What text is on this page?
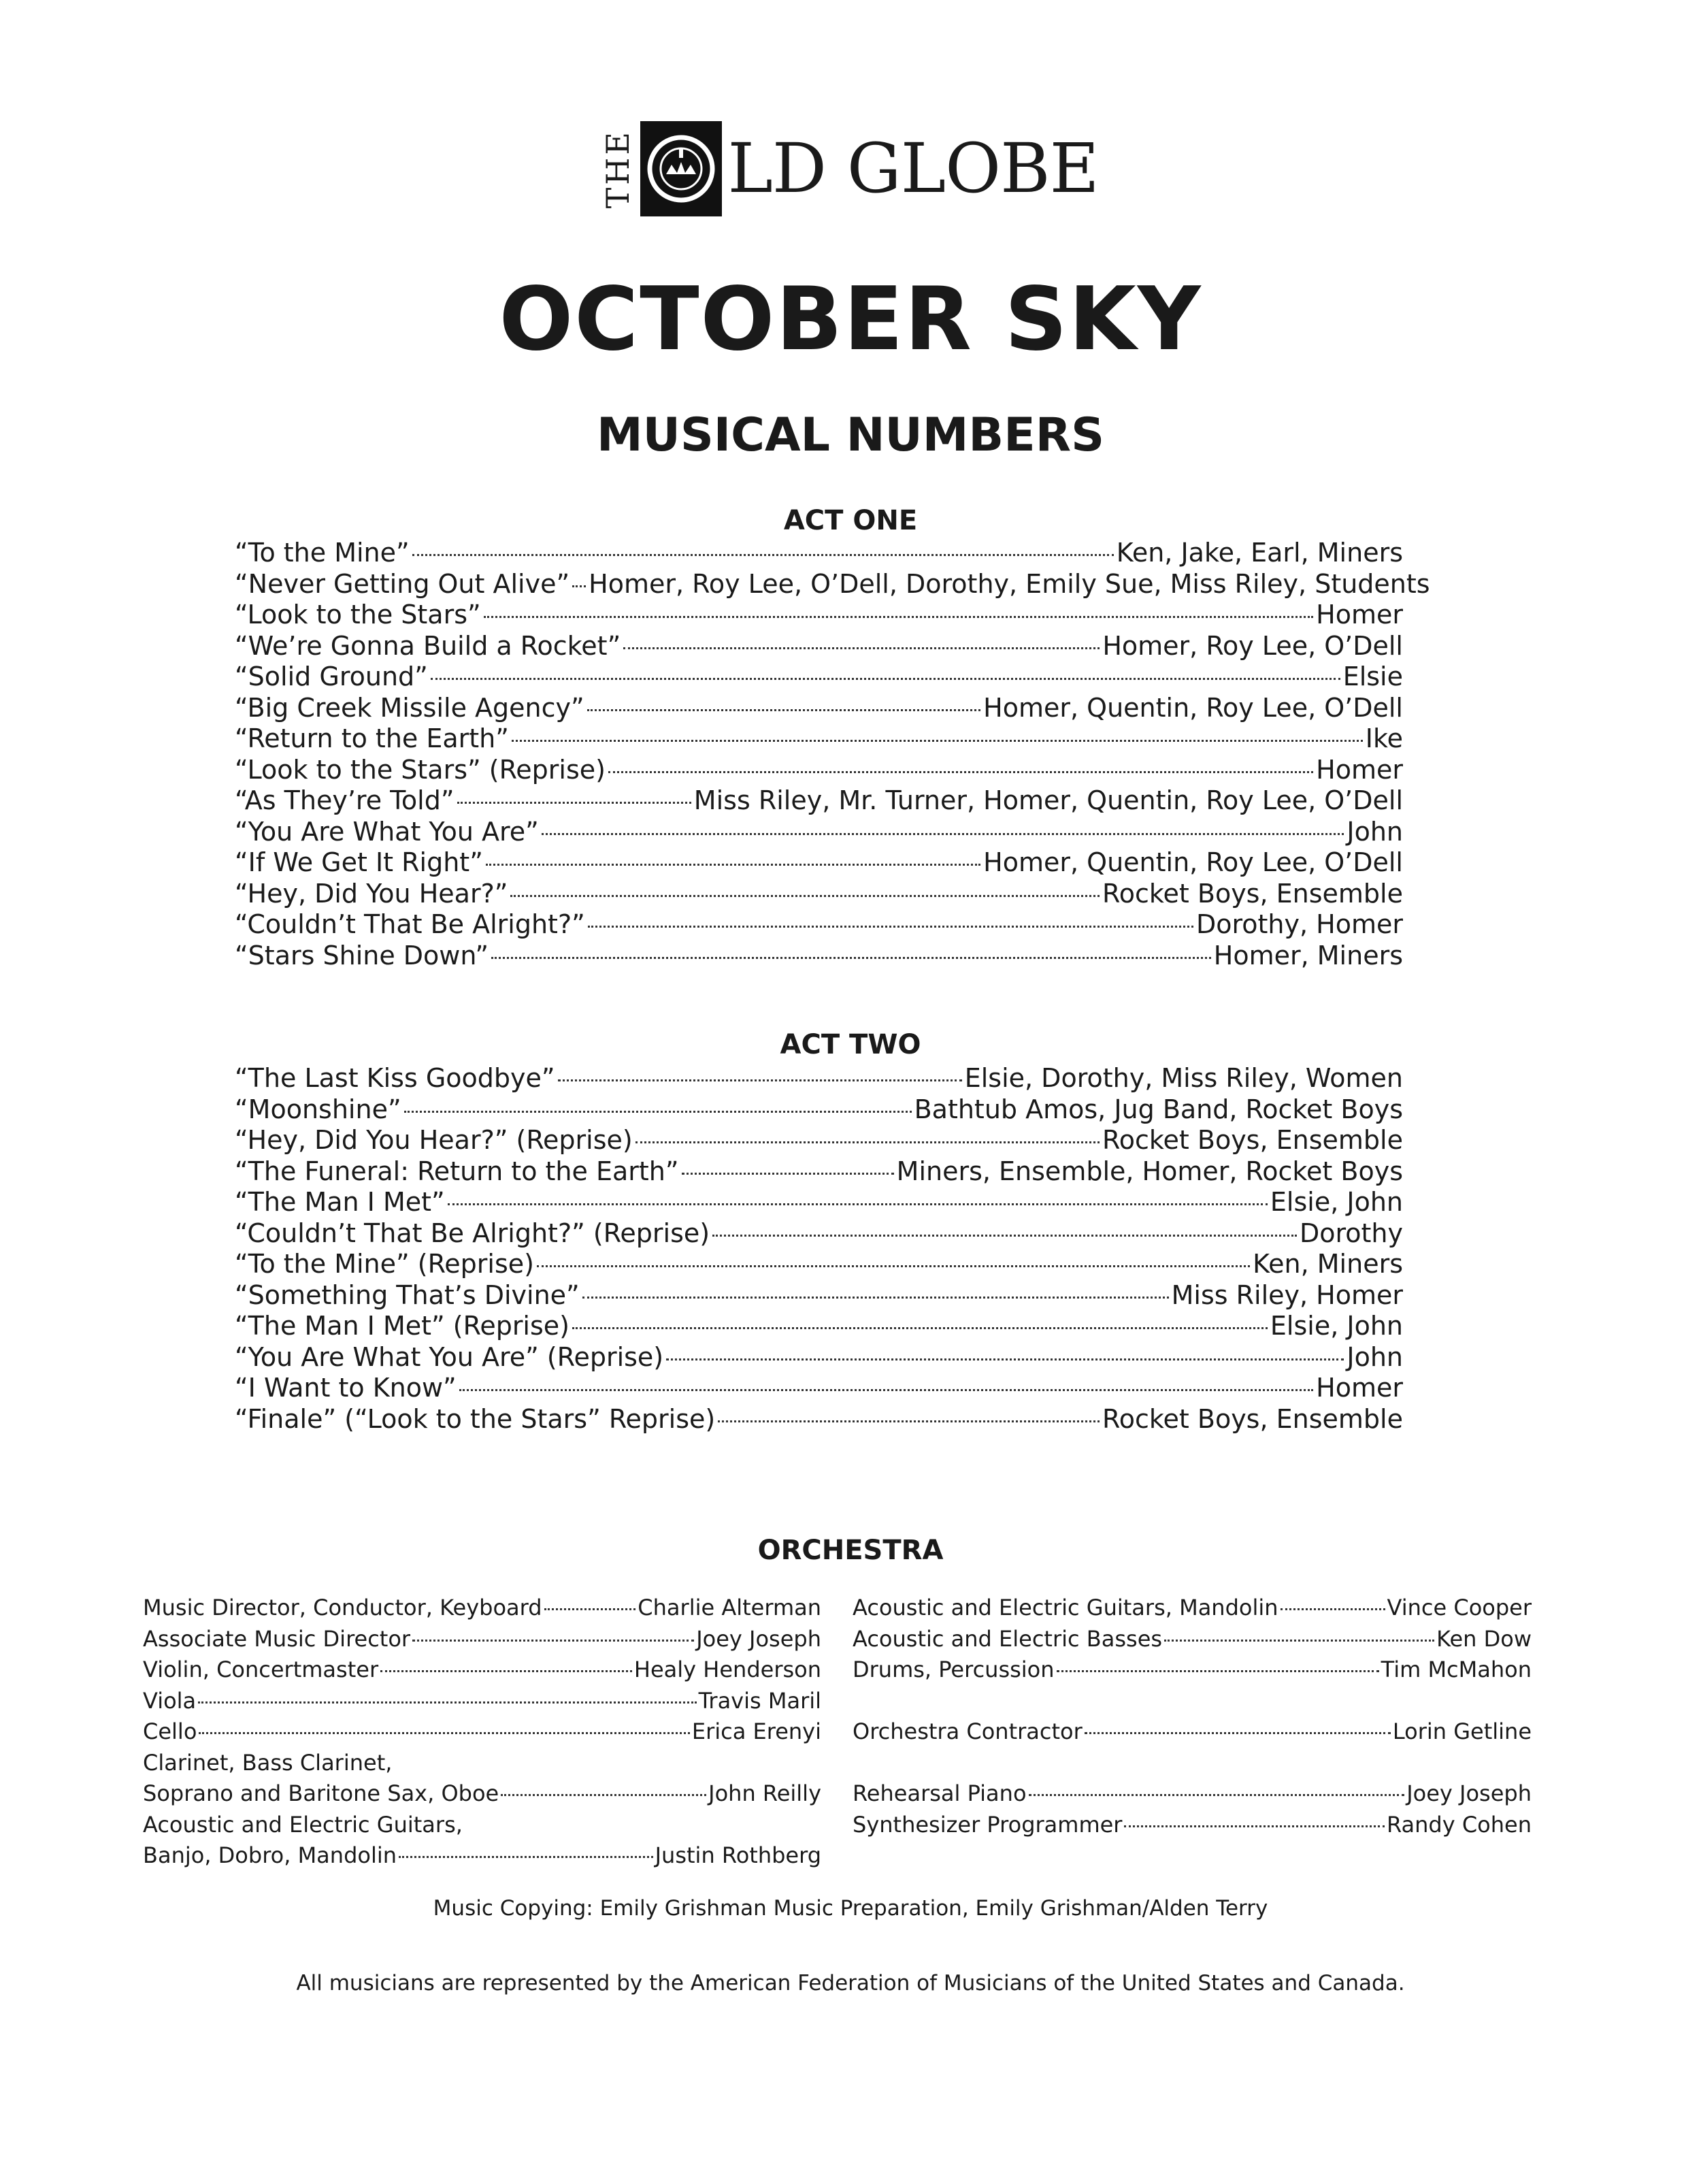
THE LD GLOBE
OCTOBER SKY
MUSICAL NUMBERS
ACT ONE
“To the Mine”	Ken, Jake, Earl, Miners
“Never Getting Out Alive” Homer, Roy Lee, O’Dell, Dorothy, Emily Sue, Miss Riley, Students
“Look to the Stars”	Homer
“We’re Gonna Build a Rocket”	Homer, Roy Lee, O’Dell
“Solid Ground”	Elsie
“Big Creek Missile Agency”	Homer, Quentin, Roy Lee, O’Dell
“Return to the Earth”	Ike
“Look to the Stars” (Reprise)	Homer
“As They’re Told”	Miss Riley, Mr. Turner, Homer, Quentin, Roy Lee, O’Dell
“You Are What You Are”	John
“If We Get It Right”	Homer, Quentin, Roy Lee, O’Dell
“Hey, Did You Hear?”	Rocket Boys, Ensemble
“Couldn’t That Be Alright?”	Dorothy, Homer
“Stars Shine Down”	Homer, Miners
ACT TWO
“The Last Kiss Goodbye”	Elsie, Dorothy, Miss Riley, Women
“Moonshine”	Bathtub Amos, Jug Band, Rocket Boys
“Hey, Did You Hear?” (Reprise)	Rocket Boys, Ensemble
“The Funeral: Return to the Earth”	Miners, Ensemble, Homer, Rocket Boys
“The Man I Met”	Elsie, John
“Couldn’t That Be Alright?” (Reprise)	Dorothy
“To the Mine” (Reprise)	Ken, Miners
“Something That’s Divine”	Miss Riley, Homer
“The Man I Met” (Reprise)	Elsie, John
“You Are What You Are” (Reprise)	John
“I Want to Know”	Homer
“Finale” (“Look to the Stars” Reprise)	Rocket Boys, Ensemble
ORCHESTRA
Music Director, Conductor, Keyboard	Charlie Alterman
Associate Music Director	Joey Joseph
Violin, Concertmaster	Healy Henderson
Viola	Travis Maril
Cello	Erica Erenyi
Clarinet, Bass Clarinet,
Soprano and Baritone Sax, Oboe	John Reilly
Acoustic and Electric Guitars,
Banjo, Dobro, Mandolin	Justin Rothberg
Acoustic and Electric Guitars, Mandolin	Vince Cooper
Acoustic and Electric Basses	Ken Dow
Drums, Percussion	Tim McMahon
Orchestra Contractor	Lorin Getline
Rehearsal Piano	Joey Joseph
Synthesizer Programmer	Randy Cohen

Music Copying: Emily Grishman Music Preparation, Emily Grishman/Alden Terry

All musicians are represented by the American Federation of Musicians of the United States and Canada.
